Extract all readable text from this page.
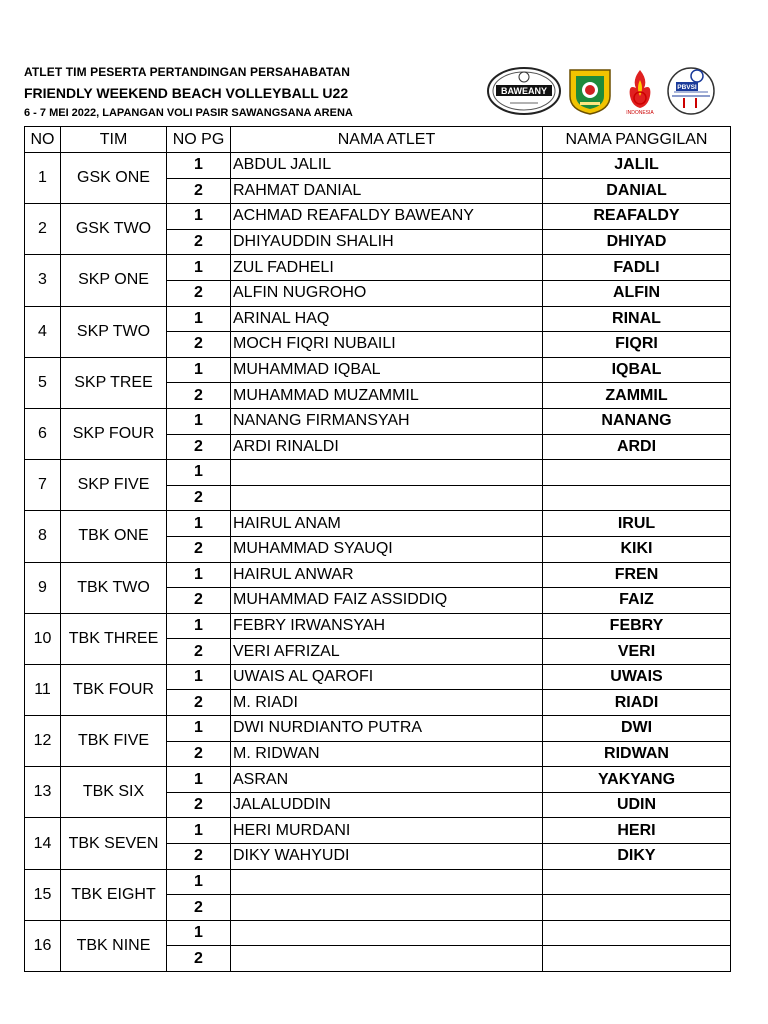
ATLET TIM PESERTA PERTANDINGAN PERSAHABATAN
FRIENDLY WEEKEND BEACH VOLLEYBALL U22
6 - 7 MEI 2022, LAPANGAN VOLI PASIR SAWANGSANA ARENA
BAWEANY
INDONESIA
PBVSI
NO	TIM	NO PG	NAMA ATLET	NAMA PANGGILAN
1	GSK ONE	1	ABDUL JALIL	JALIL
		2	RAHMAT DANIAL	DANIAL
2	GSK TWO	1	ACHMAD REAFALDY BAWEANY	REAFALDY
		2	DHIYAUDDIN SHALIH	DHIYAD
3	SKP ONE	1	ZUL FADHELI	FADLI
		2	ALFIN NUGROHO	ALFIN
4	SKP TWO	1	ARINAL HAQ	RINAL
		2	MOCH FIQRI NUBAILI	FIQRI
5	SKP TREE	1	MUHAMMAD IQBAL	IQBAL
		2	MUHAMMAD MUZAMMIL	ZAMMIL
6	SKP FOUR	1	NANANG FIRMANSYAH	NANANG
		2	ARDI RINALDI	ARDI
7	SKP FIVE	1		
		2		
8	TBK ONE	1	HAIRUL ANAM	IRUL
		2	MUHAMMAD SYAUQI	KIKI
9	TBK TWO	1	HAIRUL ANWAR	FREN
		2	MUHAMMAD FAIZ ASSIDDIQ	FAIZ
10	TBK THREE	1	FEBRY IRWANSYAH	FEBRY
		2	VERI AFRIZAL	VERI
11	TBK FOUR	1	UWAIS AL QAROFI	UWAIS
		2	M. RIADI	RIADI
12	TBK FIVE	1	DWI NURDIANTO PUTRA	DWI
		2	M. RIDWAN	RIDWAN
13	TBK SIX	1	ASRAN	YAKYANG
		2	JALALUDDIN	UDIN
14	TBK SEVEN	1	HERI MURDANI	HERI
		2	DIKY WAHYUDI	DIKY
15	TBK EIGHT	1		
		2		
16	TBK NINE	1		
		2		
